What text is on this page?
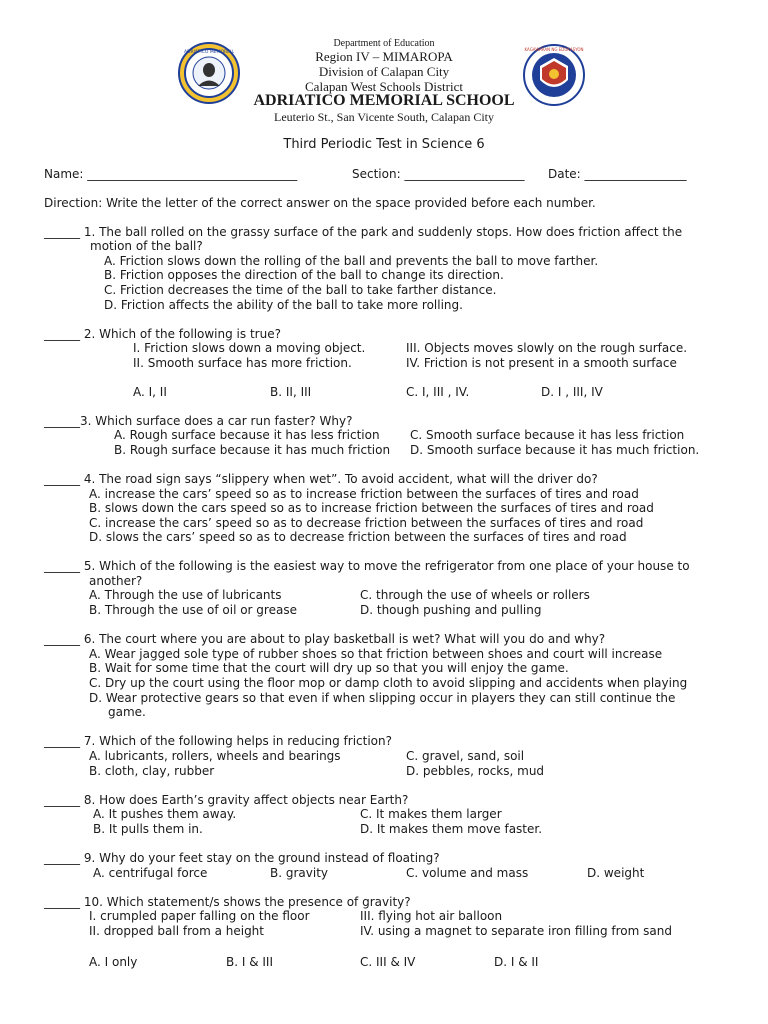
ADRIATICO MEMORIAL
KAGAWARAN NG EDUKASYON
Department of Education
Region IV – MIMAROPA
Division of Calapan City
Calapan West Schools District
ADRIATICO MEMORIAL SCHOOL
Leuterio St., San Vicente South, Calapan City
Third Periodic Test in Science 6
Name: ___________________________________	Section: ____________________ Date: _________________
Direction: Write the letter of the correct answer on the space provided before each number.
______ 1. The ball rolled on the grassy surface of the park and suddenly stops. How does friction affect the
motion of the ball?
A. Friction slows down the rolling of the ball and prevents the ball to move farther.
B. Friction opposes the direction of the ball to change its direction.
C. Friction decreases the time of the ball to take farther distance.
D. Friction affects the ability of the ball to take more rolling.
______ 2. Which of the following is true?
I. Friction slows down a moving object.	III. Objects moves slowly on the rough surface.
II. Smooth surface has more friction.	IV. Friction is not present in a smooth surface
A. I, II	B. II, III	C. I, III , IV.	D. I , III, IV
______3. Which surface does a car run faster? Why?
A. Rough surface because it has less friction	C. Smooth surface because it has less friction
B. Rough surface because it has much friction D. Smooth surface because it has much friction.
______ 4. The road sign says “slippery when wet”. To avoid accident, what will the driver do?
A. increase the cars’ speed so as to increase friction between the surfaces of tires and road
B. slows down the cars speed so as to increase friction between the surfaces of tires and road
C. increase the cars’ speed so as to decrease friction between the surfaces of tires and road
D. slows the cars’ speed so as to decrease friction between the surfaces of tires and road
______ 5. Which of the following is the easiest way to move the refrigerator from one place of your house to
another?
A. Through the use of lubricants	C. through the use of wheels or rollers
B. Through the use of oil or grease	D. though pushing and pulling
______ 6. The court where you are about to play basketball is wet? What will you do and why?
A. Wear jagged sole type of rubber shoes so that friction between shoes and court will increase
B. Wait for some time that the court will dry up so that you will enjoy the game.
C. Dry up the court using the floor mop or damp cloth to avoid slipping and accidents when playing
D. Wear protective gears so that even if when slipping occur in players they can still continue the
game.
______ 7. Which of the following helps in reducing friction?
A. lubricants, rollers, wheels and bearings	C. gravel, sand, soil
B. cloth, clay, rubber	D. pebbles, rocks, mud
______ 8. How does Earth’s gravity affect objects near Earth?
A. It pushes them away.	C. It makes them larger
B. It pulls them in.	D. It makes them move faster.
______ 9. Why do your feet stay on the ground instead of floating?
A. centrifugal force	B. gravity	C. volume and mass	D. weight
______ 10. Which statement/s shows the presence of gravity?
I. crumpled paper falling on the floor	III. flying hot air balloon
II. dropped ball from a height	IV. using a magnet to separate iron filling from sand
A. I only	B. I & III	C. III & IV	D. I & II
